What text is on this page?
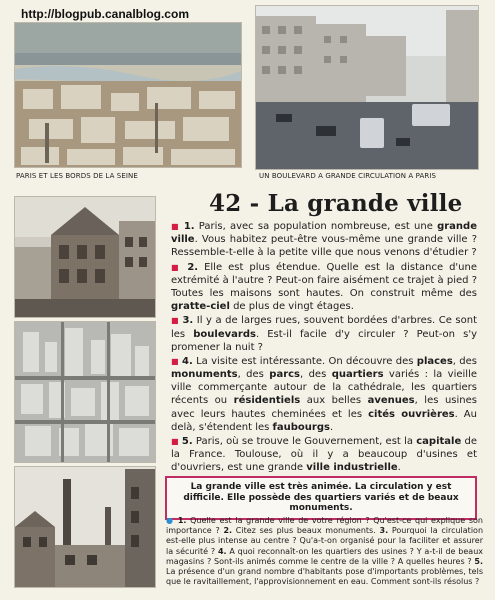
http://blogpub.canalblog.com
PARIS ET LES BORDS DE LA SEINE	UN BOULEVARD A GRANDE CIRCULATION A PARIS
42 - La grande ville

■ 1. Paris, avec sa population nombreuse, est une grande ville. Vous habitez peut-être vous-même une grande ville ? Ressemble-t-elle à la petite ville que nous venons d'étudier ?

■ 2. Elle est plus étendue. Quelle est la distance d'une extrémité à l'autre ? Peut-on faire aisément ce trajet à pied ? Toutes les maisons sont hautes. On construit même des gratte-ciel de plus de vingt étages.

■ 3. Il y a de larges rues, souvent bordées d'arbres. Ce sont les boulevards. Est-il facile d'y circuler ? Peut-on s'y promener la nuit ?

■ 4. La visite est intéressante. On découvre des places, des monuments, des parcs, des quartiers variés : la vieille ville commerçante autour de la cathédrale, les quartiers récents ou résidentiels aux belles avenues, les usines avec leurs hautes cheminées et les cités ouvrières. Au delà, s'étendent les faubourgs.

■ 5. Paris, où se trouve le Gouvernement, est la capitale de la France. Toulouse, où il y a beaucoup d'usines et d'ouvriers, est une grande ville industrielle.

La grande ville est très animée. La circulation y est difficile. Elle possède des quartiers variés et de beaux monuments.
● 1. Quelle est la grande ville de votre région ? Qu'est-ce qui explique son importance ? 2. Citez ses plus beaux monuments. 3. Pourquoi la circulation est-elle plus intense au centre ? Qu'a-t-on organisé pour la faciliter et assurer la sécurité ? 4. A quoi reconnaît-on les quartiers des usines ? Y a-t-il de beaux magasins ? Sont-ils animés comme le centre de la ville ? A quelles heures ? 5. La présence d'un grand nombre d'habitants pose d'importants problèmes, tels que le ravitaillement, l'approvisionnement en eau. Comment sont-ils résolus ?
